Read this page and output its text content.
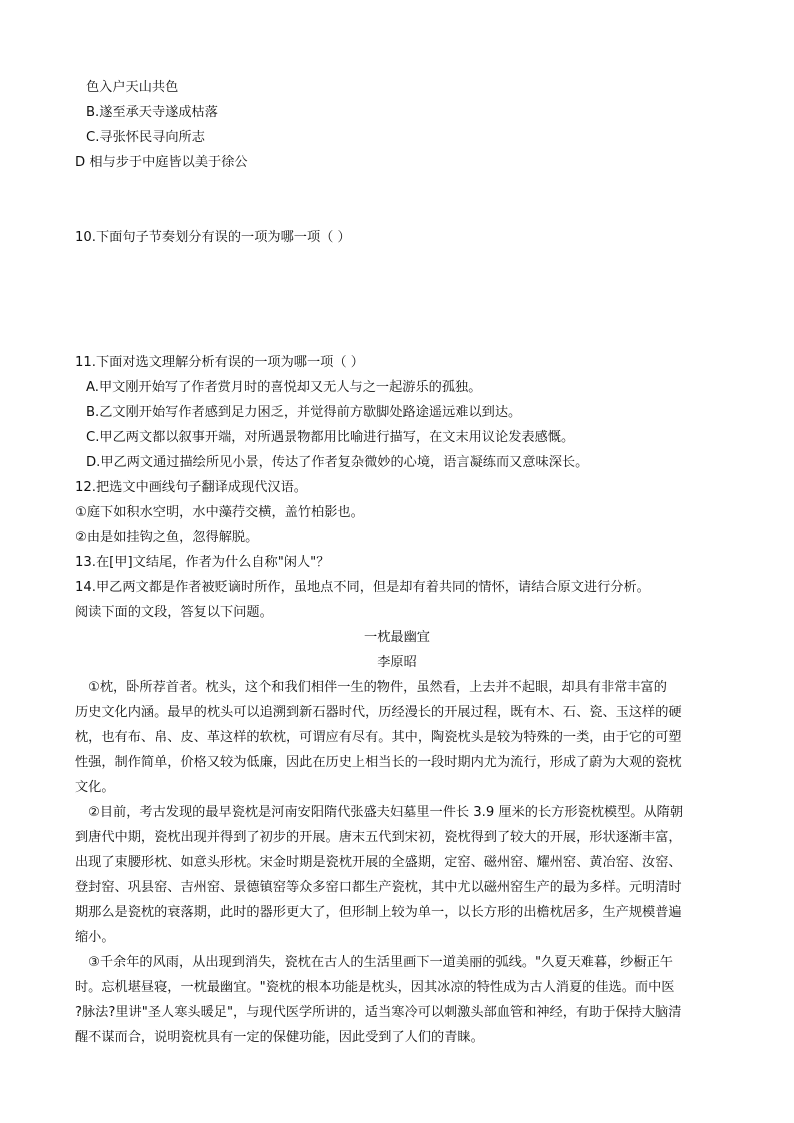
色入户天山共色
B.遂至承天寺遂成枯落
C.寻张怀民寻向所志
D 相与步于中庭皆以美于徐公
10.下面句子节奏划分有误的一项为哪一项（ ）
11.下面对选文理解分析有误的一项为哪一项（ ）
A.甲文刚开始写了作者赏月时的喜悦却又无人与之一起游乐的孤独。
B.乙文刚开始写作者感到足力困乏，并觉得前方歇脚处路途遥远难以到达。
C.甲乙两文都以叙事开端，对所遇景物都用比喻进行描写，在文末用议论发表感慨。
D.甲乙两文通过描绘所见小景，传达了作者复杂微妙的心境，语言凝练而又意味深长。
12.把选文中画线句子翻译成现代汉语。
①庭下如积水空明，水中藻荇交横，盖竹柏影也。
②由是如挂钩之鱼，忽得解脱。
13.在[甲]文结尾，作者为什么自称"闲人"？
14.甲乙两文都是作者被贬谪时所作，虽地点不同，但是却有着共同的情怀，请结合原文进行分析。
阅读下面的文段，答复以下问题。
一枕最幽宜
李原昭
①枕，卧所荐首者。枕头，这个和我们相伴一生的物件，虽然看，上去并不起眼，却具有非常丰富的
历史文化内涵。最早的枕头可以追溯到新石器时代，历经漫长的开展过程，既有木、石、瓷、玉这样的硬
枕，也有布、帛、皮、革这样的软枕，可谓应有尽有。其中，陶瓷枕头是较为特殊的一类，由于它的可塑
性强，制作简单，价格又较为低廉，因此在历史上相当长的一段时期内尤为流行，形成了蔚为大观的瓷枕
文化。
②目前，考古发现的最早瓷枕是河南安阳隋代张盛夫妇墓里一件长 3.9 厘米的长方形瓷枕模型。从隋朝
到唐代中期，瓷枕出现并得到了初步的开展。唐末五代到宋初，瓷枕得到了较大的开展，形状逐渐丰富，
出现了束腰形枕、如意头形枕。宋金时期是瓷枕开展的全盛期，定窑、磁州窑、耀州窑、黄冶窑、汝窑、
登封窑、巩县窑、吉州窑、景德镇窑等众多窑口都生产瓷枕，其中尤以磁州窑生产的最为多样。元明清时
期那么是瓷枕的衰落期，此时的器形更大了，但形制上较为单一，以长方形的出檐枕居多，生产规模普遍
缩小。
③千余年的风雨，从出现到消失，瓷枕在古人的生活里画下一道美丽的弧线。"久夏天难暮，纱橱正午
时。忘机堪昼寝，一枕最幽宜。"瓷枕的根本功能是枕头，因其冰凉的特性成为古人消夏的佳选。而中医
?脉法?里讲"圣人寒头暖足"，与现代医学所讲的，适当寒冷可以刺激头部血管和神经，有助于保持大脑清
醒不谋而合，说明瓷枕具有一定的保健功能，因此受到了人们的青睐。
